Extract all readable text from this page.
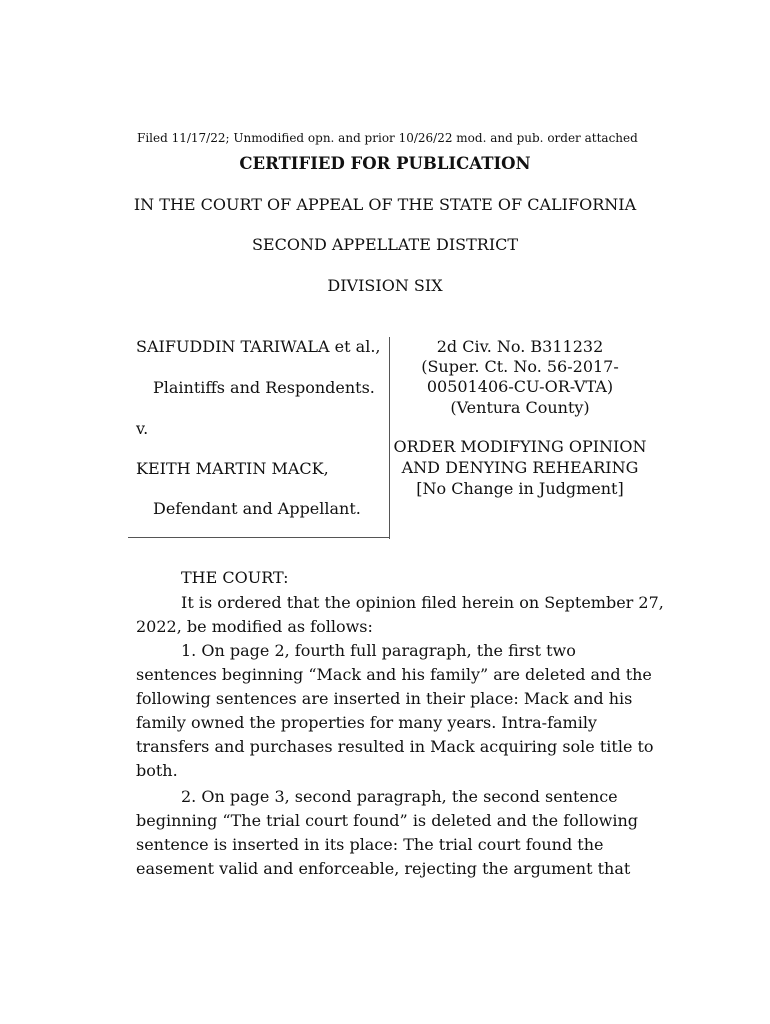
Filed 11/17/22; Unmodified opn. and prior 10/26/22 mod. and pub. order attached
CERTIFIED FOR PUBLICATION
IN THE COURT OF APPEAL OF THE STATE OF CALIFORNIA
SECOND APPELLATE DISTRICT
DIVISION SIX
SAIFUDDIN TARIWALA et al.,
Plaintiffs and Respondents.
v.
KEITH MARTIN MACK,
Defendant and Appellant.
2d Civ. No. B311232
(Super. Ct. No. 56-2017-
00501406-CU-OR-VTA)
(Ventura County)
ORDER MODIFYING OPINION
AND DENYING REHEARING
[No Change in Judgment]
THE COURT:
It is ordered that the opinion filed herein on September 27,
2022, be modified as follows:
1. On page 2, fourth full paragraph, the first two
sentences beginning “Mack and his family” are deleted and the
following sentences are inserted in their place: Mack and his
family owned the properties for many years. Intra-family
transfers and purchases resulted in Mack acquiring sole title to
both.
2. On page 3, second paragraph, the second sentence
beginning “The trial court found” is deleted and the following
sentence is inserted in its place: The trial court found the
easement valid and enforceable, rejecting the argument that
